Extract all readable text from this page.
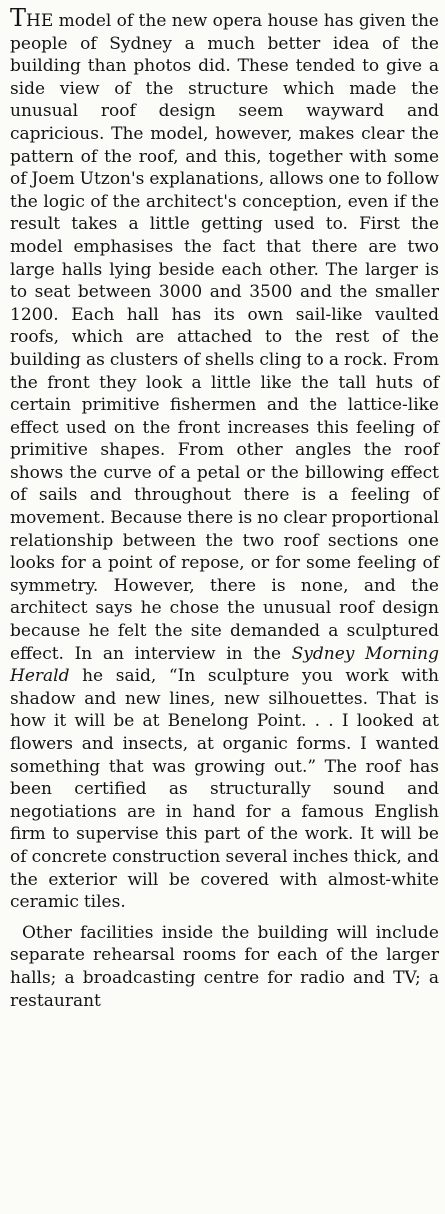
THE model of the new opera house has given the people of Sydney a much better idea of the building than photos did. These tended to give a side view of the structure which made the unusual roof design seem wayward and capricious. The model, however, makes clear the pattern of the roof, and this, together with some of Joem Utzon's explanations, allows one to follow the logic of the architect's conception, even if the result takes a little getting used to. First the model emphasises the fact that there are two large halls lying beside each other. The larger is to seat between 3000 and 3500 and the smaller 1200. Each hall has its own sail-like vaulted roofs, which are attached to the rest of the building as clusters of shells cling to a rock. From the front they look a little like the tall huts of certain primitive fishermen and the lattice-like effect used on the front increases this feeling of primitive shapes. From other angles the roof shows the curve of a petal or the billowing effect of sails and throughout there is a feeling of movement. Because there is no clear proportional relationship between the two roof sections one looks for a point of repose, or for some feeling of symmetry. However, there is none, and the architect says he chose the unusual roof design because he felt the site demanded a sculptured effect. In an interview in the Sydney Morning Herald he said, “In sculpture you work with shadow and new lines, new silhouettes. That is how it will be at Benelong Point. . . I looked at flowers and insects, at organic forms. I wanted something that was growing out.” The roof has been certified as structurally sound and negotiations are in hand for a famous English firm to supervise this part of the work. It will be of concrete construction several inches thick, and the exterior will be covered with almost-white ceramic tiles.

Other facilities inside the building will include separate rehearsal rooms for each of the larger halls; a broadcasting centre for radio and TV; a restaurant
